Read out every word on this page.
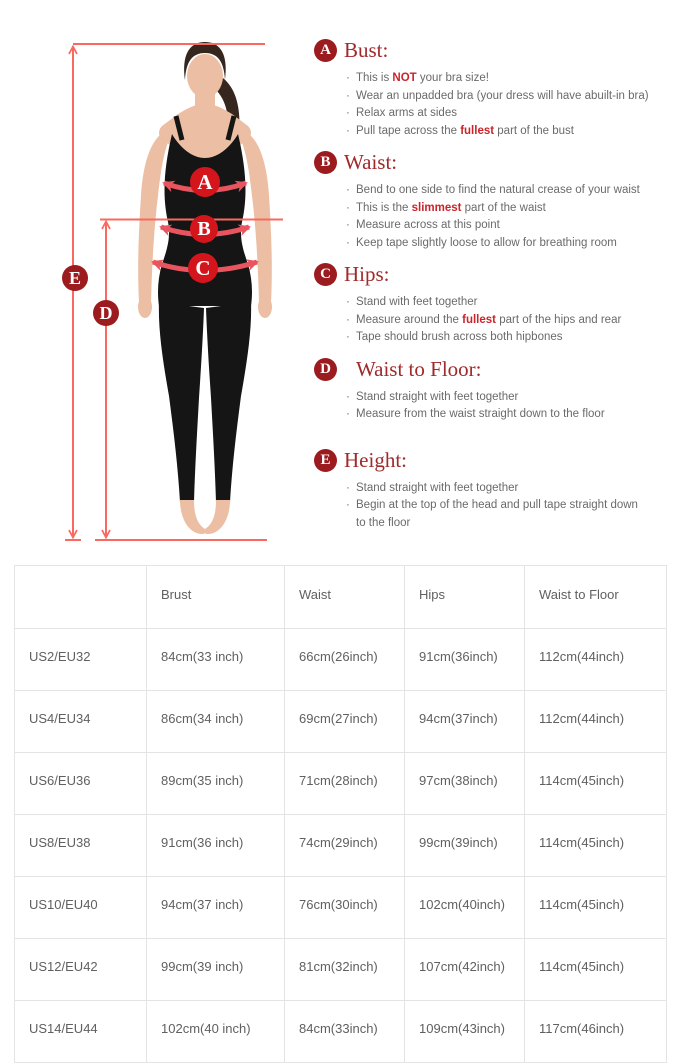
A
B
C
D
E
A Bust:
· This is NOT your bra size!
· Wear an unpadded bra (your dress will have abuilt-in bra)
· Relax arms at sides
· Pull tape across the fullest part of the bust
B Waist:
· Bend to one side to find the natural crease of your waist
· This is the slimmest part of the waist
· Measure across at this point
· Keep tape slightly loose to allow for breathing room
C Hips:
· Stand with feet together
· Measure around the fullest part of the hips and rear
· Tape should brush across both hipbones
D Waist to Floor:
· Stand straight with feet together
· Measure from the waist straight down to the floor
E Height:
· Stand straight with feet together
· Begin at the top of the head and pull tape straight down
to the floor
	Brust	Waist	Hips	Waist to Floor
US2/EU32	84cm(33 inch)	66cm(26inch)	91cm(36inch)	112cm(44inch)
US4/EU34	86cm(34 inch)	69cm(27inch)	94cm(37inch)	112cm(44inch)
US6/EU36	89cm(35 inch)	71cm(28inch)	97cm(38inch)	114cm(45inch)
US8/EU38	91cm(36 inch)	74cm(29inch)	99cm(39inch)	114cm(45inch)
US10/EU40	94cm(37 inch)	76cm(30inch)	102cm(40inch)	114cm(45inch)
US12/EU42	99cm(39 inch)	81cm(32inch)	107cm(42inch)	114cm(45inch)
US14/EU44	102cm(40 inch)	84cm(33inch)	109cm(43inch)	117cm(46inch)
